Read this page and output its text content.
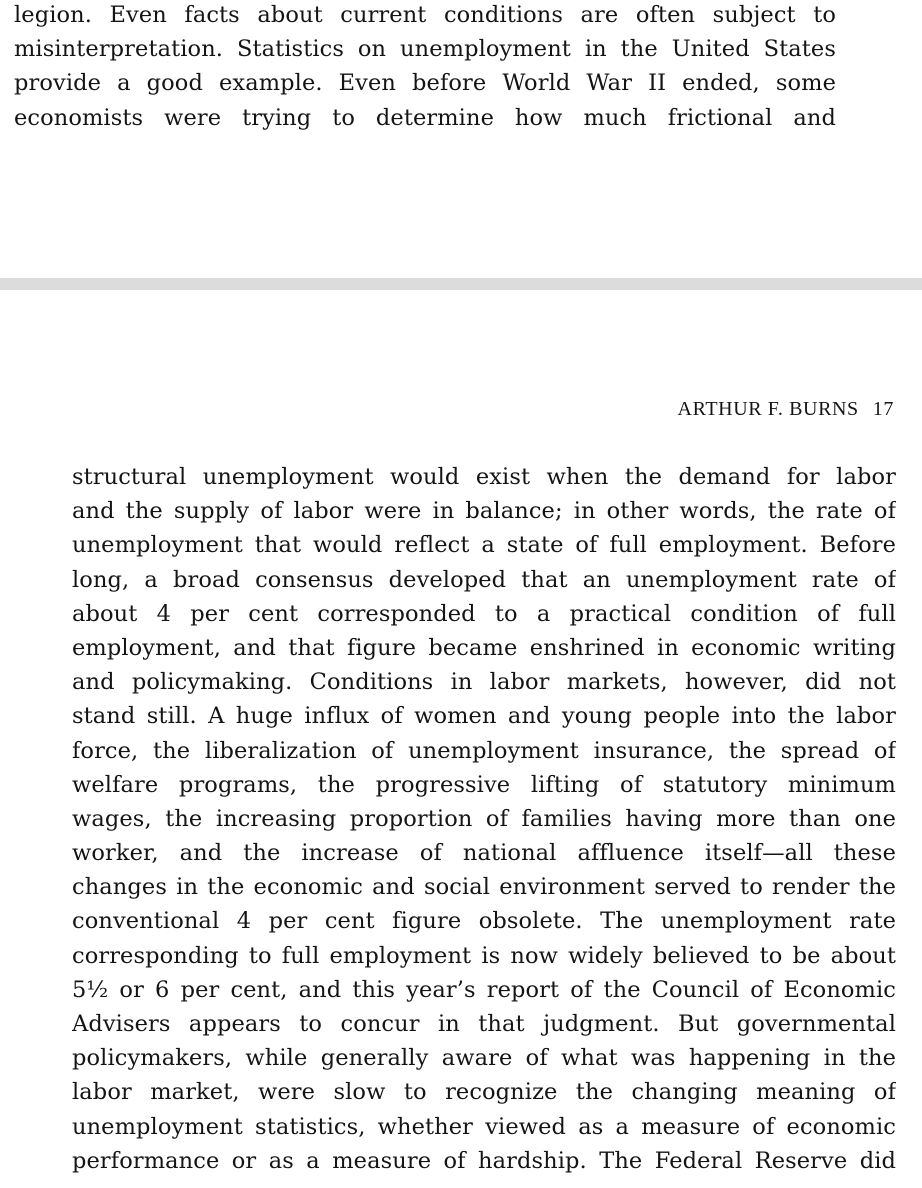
legion. Even facts about current conditions are often subject to
misinterpretation. Statistics on unemployment in the United States
provide a good example. Even before World War II ended, some
economists were trying to determine how much frictional and
ARTHUR F. BURNS 17
structural unemployment would exist when the demand for labor
and the supply of labor were in balance; in other words, the rate of
unemployment that would reflect a state of full employment. Before
long, a broad consensus developed that an unemployment rate of
about 4 per cent corresponded to a practical condition of full
employment, and that figure became enshrined in economic writing
and policymaking. Conditions in labor markets, however, did not
stand still. A huge influx of women and young people into the labor
force, the liberalization of unemployment insurance, the spread of
welfare programs, the progressive lifting of statutory minimum
wages, the increasing proportion of families having more than one
worker, and the increase of national affluence itself—all these
changes in the economic and social environment served to render the
conventional 4 per cent figure obsolete. The unemployment rate
corresponding to full employment is now widely believed to be about
5½ or 6 per cent, and this year’s report of the Council of Economic
Advisers appears to concur in that judgment. But governmental
policymakers, while generally aware of what was happening in the
labor market, were slow to recognize the changing meaning of
unemployment statistics, whether viewed as a measure of economic
performance or as a measure of hardship. The Federal Reserve did
